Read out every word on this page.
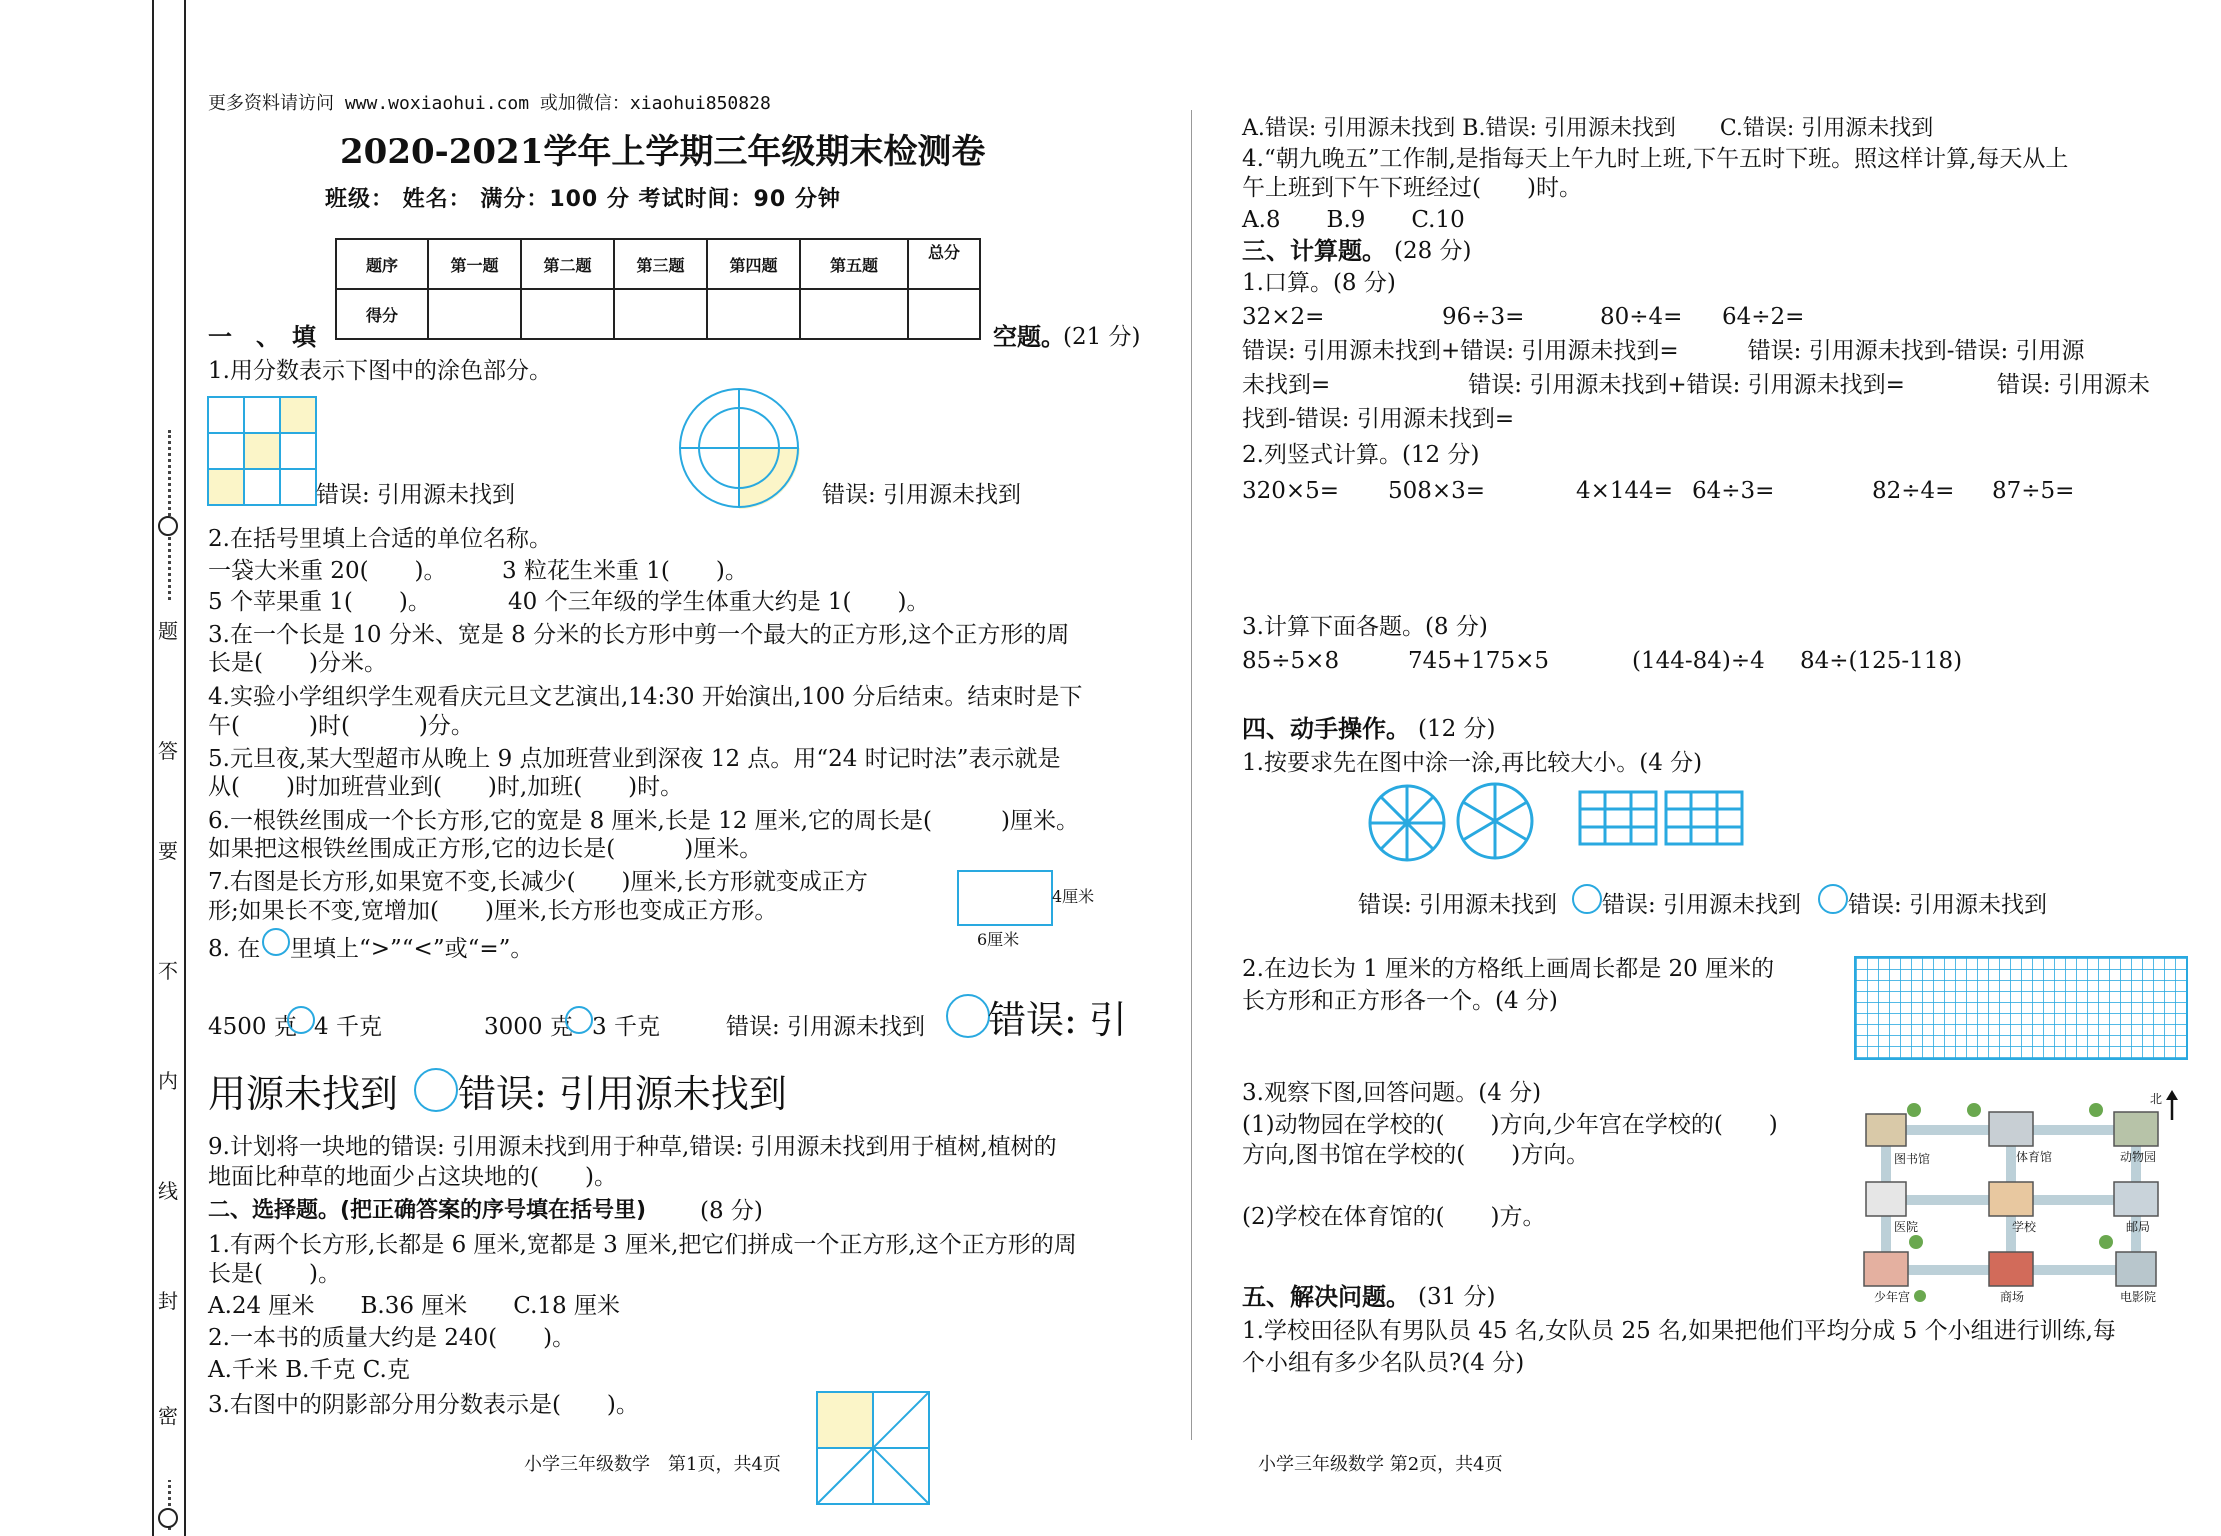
题
答
要
不
内
线
封
密
更多资料请访问 www.woxiaohui.com 或加微信：xiaohui850828
2020-2021学年上学期三年级期末检测卷
班级： 姓名： 满分：100 分 考试时间：90 分钟
题序	第一题	第二题	第三题	第四题	第五题	总分
得分						
一　、　填	空题。
(21 分)
1.用分数表示下图中的涂色部分。
错误: 引用源未找到	错误: 引用源未找到
2.在括号里填上合适的单位名称。
一袋大米重 20(　　)。 3 粒花生米重 1(　　)。
5 个苹果重 1(　　)。	40 个三年级的学生体重大约是 1(　　)。
3.在一个长是 10 分米、宽是 8 分米的长方形中剪一个最大的正方形,这个正方形的周
长是(　　)分米。
4.实验小学组织学生观看庆元旦文艺演出,14:30 开始演出,100 分后结束。结束时是下
午(　　　)时(　　　)分。
5.元旦夜,某大型超市从晚上 9 点加班营业到深夜 12 点。用“24 时记时法”表示就是
从(　　)时加班营业到(　　)时,加班(　　)时。
6.一根铁丝围成一个长方形,它的宽是 8 厘米,长是 12 厘米,它的周长是(　　　)厘米。
如果把这根铁丝围成正方形,它的边长是(　　　)厘米。
7.右图是长方形,如果宽不变,长减少(　　)厘米,长方形就变成正方
形;如果长不变,宽增加(　　)厘米,长方形也变成正方形。
4厘米
6厘米
8. 在 里填上“>”“<”或“=”。
4500 克 4 千克	3000 克 3 千克	错误: 引用源未找到 错误: 引
用源未找到 错误: 引用源未找到
9.计划将一块地的错误: 引用源未找到用于种草,错误: 引用源未找到用于植树,植树的
地面比种草的地面少占这块地的(　　)。
二、选择题。(把正确答案的序号填在括号里) (8 分)
1.有两个长方形,长都是 6 厘米,宽都是 3 厘米,把它们拼成一个正方形,这个正方形的周
长是(　　)。
A.24 厘米　　B.36 厘米　　C.18 厘米
2.一本书的质量大约是 240(　　)。
A.千米 B.千克 C.克
3.右图中的阴影部分用分数表示是(　　)。
小学三年级数学　第1页，共4页
A.错误: 引用源未找到 B.错误: 引用源未找到　　C.错误: 引用源未找到
4.“朝九晚五”工作制,是指每天上午九时上班,下午五时下班。照这样计算,每天从上
午上班到下午下班经过(　　)时。
A.8　　B.9　　C.10
三、计算题。 (28 分)
1.口算。(8 分)
32×2=	96÷3=	80÷4= 64÷2=
错误: 引用源未找到+错误: 引用源未找到=　　　错误: 引用源未找到-错误: 引用源
未找到=　　　　　　错误: 引用源未找到+错误: 引用源未找到=　　　　错误: 引用源未
找到-错误: 引用源未找到=
2.列竖式计算。(12 分)
320×5= 508×3=	4×144= 64÷3=	82÷4= 87÷5=
3.计算下面各题。(8 分)
85÷5×8	745+175×5	(144-84)÷4 84÷(125-118)
四、动手操作。 (12 分)
1.按要求先在图中涂一涂,再比较大小。(4 分)
错误: 引用源未找到 错误: 引用源未找到 错误: 引用源未找到
2.在边长为 1 厘米的方格纸上画周长都是 20 厘米的
长方形和正方形各一个。(4 分)
3.观察下图,回答问题。(4 分)
(1)动物园在学校的(　　)方向,少年宫在学校的(　　)
方向,图书馆在学校的(　　)方向。
(2)学校在体育馆的(　　)方。
图书馆	体育馆	动物园
医院	学校	邮局
少年宫	商场	电影院
北
五、解决问题。 (31 分)
1.学校田径队有男队员 45 名,女队员 25 名,如果把他们平均分成 5 个小组进行训练,每
个小组有多少名队员?(4 分)
小学三年级数学 第2页，共4页
